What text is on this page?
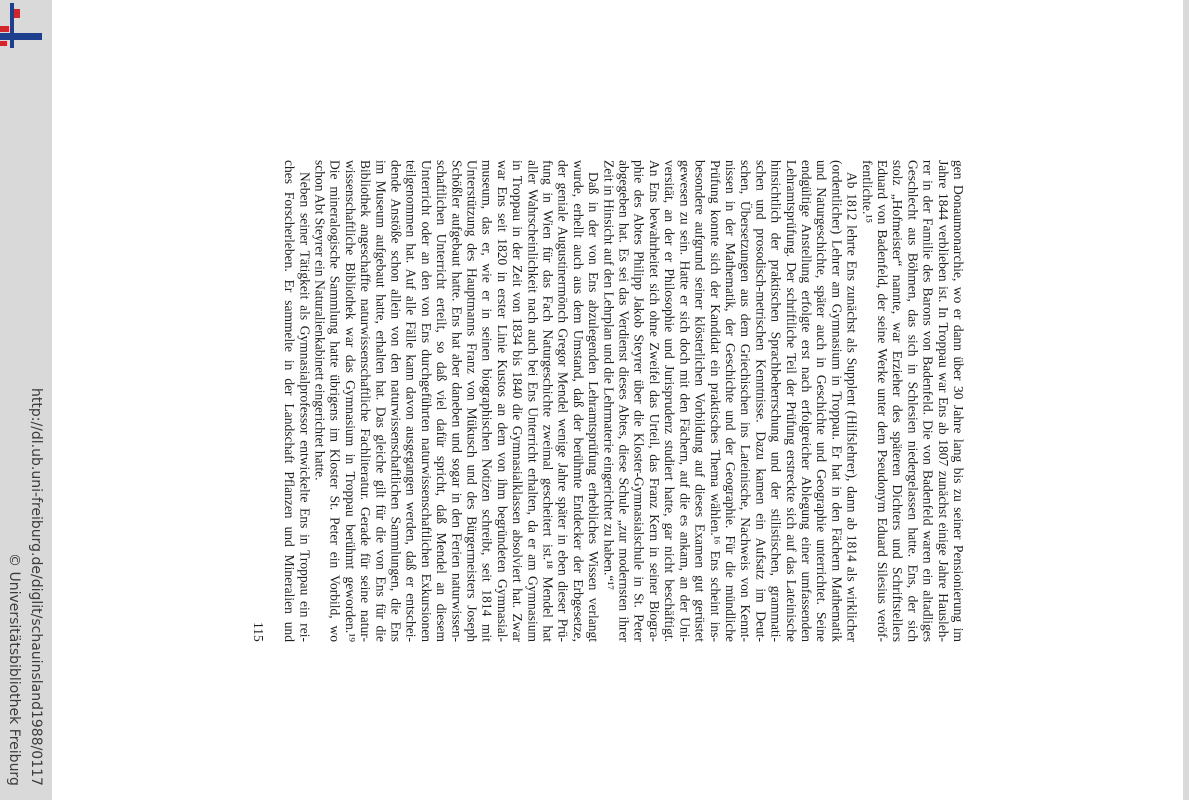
http://dl.ub.uni-freiburg.de/diglit/schauinsland1988/0117
© Universitätsbibliothek Freiburg
gen Donaumonarchie, wo er dann über 30 Jahre lang bis zu seiner Pensionierung im
Jahre 1844 verblieben ist. In Troppau war Ens ab 1807 zunächst einige Jahre Hausleh-
rer in der Familie des Barons von Badenfeld. Die von Badenfeld waren ein altadliges
Geschlecht aus Böhmen, das sich in Schlesien niedergelassen hatte. Ens, der sich
stolz „Hofmeister“ nannte, war Erzieher des späteren Dichters und Schriftstellers
Eduard von Badenfeld, der seine Werke unter dem Pseudonym Eduard Silesius veröf-
fentlichte.¹⁵
Ab 1812 lehrte Ens zunächst als Supplent (Hilfslehrer), dann ab 1814 als wirklicher
(ordentlicher) Lehrer am Gymnasium in Troppau. Er hat in den Fächern Mathematik
und Naturgeschichte, später auch in Geschichte und Geographie unterrichtet. Seine
endgültige Anstellung erfolgte erst nach erfolgreicher Ablegung einer umfassenden
Lehramtsprüfung. Der schriftliche Teil der Prüfung erstreckte sich auf das Lateinische
hinsichtlich der praktischen Sprachbeherrschung und der stilistischen, grammati-
schen und prosodisch-metrischen Kenntnisse. Dazu kamen ein Aufsatz im Deut-
schen, Übersetzungen aus dem Griechischen ins Lateinische, Nachweis von Kennt-
nissen in der Mathematik, der Geschichte und der Geographie. Für die mündliche
Prüfung konnte sich der Kandidat ein praktisches Thema wählen.¹⁶ Ens scheint ins-
besondere aufgrund seiner klösterlichen Vorbildung auf dieses Examen gut gerüstet
gewesen zu sein. Hatte er sich doch mit den Fächern, auf die es ankam, an der Uni-
versität, an der er Philosophie und Jurisprudenz studiert hatte, gar nicht beschäftigt.
An Ens bewahrheitet sich ohne Zweifel das Urteil, das Franz Kern in seiner Biogra-
phie des Abtes Philipp Jakob Steyrer über die Kloster-Gymnasialschule in St. Peter
abgegeben hat. Es sei das Verdienst dieses Abtes, diese Schule „zur modernsten ihrer
Zeit in Hinsicht auf den Lehrplan und die Lehrmaterie eingerichtet zu haben.“¹⁷
Daß in der von Ens abzulegenden Lehramtsprüfung erhebliches Wissen verlangt
wurde, erhellt auch aus dem Umstand, daß der berühmte Entdecker der Erbgesetze,
der geniale Augustinermönch Gregor Mendel wenige Jahre später in eben dieser Prü-
fung in Wien für das Fach Naturgeschichte zweimal gescheitert ist.¹⁸ Mendel hat
aller Wahrscheinlichkeit nach auch bei Ens Unterricht erhalten, da er am Gymnasium
in Troppau in der Zeit von 1834 bis 1840 die Gymnasialklassen absolviert hat. Zwar
war Ens seit 1820 in erster Linie Kustos an dem von ihm begründeten Gymnasial-
museum, das er, wie er in seinen biographischen Notizen schreibt, seit 1814 mit
Unterstützung des Hauptmanns Franz von Mükusch und des Bürgermeisters Joseph
Schößler aufgebaut hatte. Ens hat aber daneben und sogar in den Ferien naturwissen-
schaftlichen Unterricht erteilt, so daß viel dafür spricht, daß Mendel an diesem
Unterricht oder an den von Ens durchgeführten naturwissenschaftlichen Exkursionen
teilgenommen hat. Auf alle Fälle kann davon ausgegangen werden, daß er entschei-
dende Anstöße schon allein von den naturwissenschaftlichen Sammlungen, die Ens
im Museum aufgebaut hatte, erhalten hat. Das gleiche gilt für die von Ens für die
Bibliothek angeschaffte naturwissenschaftliche Fachliteratur. Gerade für seine natur-
wissenschaftliche Bibliothek war das Gymnasium in Troppau berühmt geworden.¹⁹
Die mineralogische Sammlung hatte übrigens im Kloster St. Peter ein Vorbild, wo
schon Abt Steyrer ein Naturalienkabinett eingerichtet hatte.
Neben seiner Tätigkeit als Gymnasialprofessor entwickelte Ens in Troppau ein rei-
ches Forscherleben. Er sammelte in der Landschaft Pflanzen und Mineralien und
115
